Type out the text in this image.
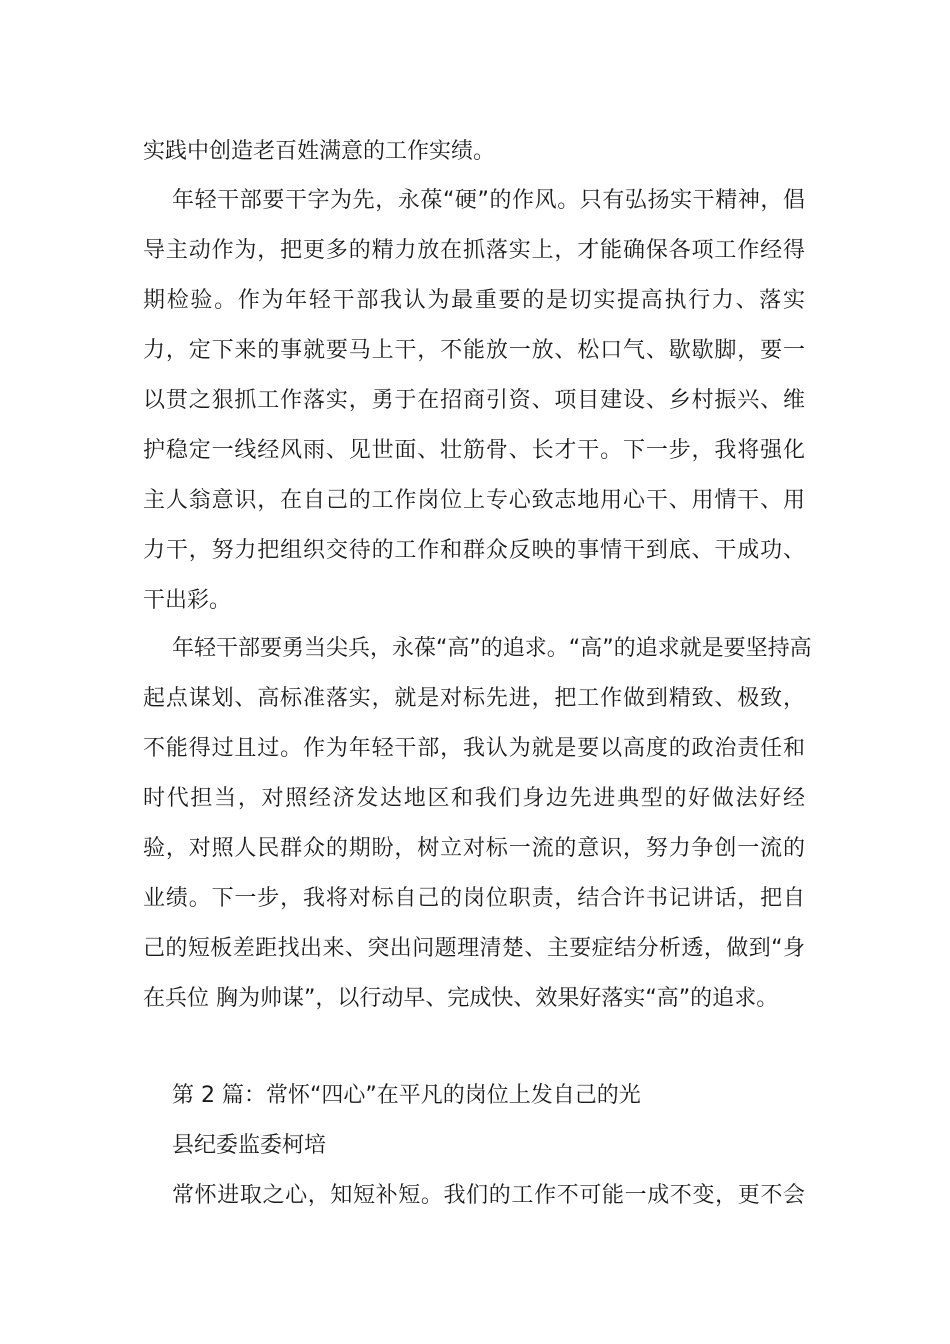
实践中创造老百姓满意的工作实绩。
年轻干部要干字为先，永葆“硬”的作风。只有弘扬实干精神，倡
导主动作为，把更多的精力放在抓落实上，才能确保各项工作经得
期检验。作为年轻干部我认为最重要的是切实提高执行力、落实
力，定下来的事就要马上干，不能放一放、松口气、歇歇脚，要一
以贯之狠抓工作落实，勇于在招商引资、项目建设、乡村振兴、维
护稳定一线经风雨、见世面、壮筋骨、长才干。下一步，我将强化
主人翁意识，在自己的工作岗位上专心致志地用心干、用情干、用
力干，努力把组织交待的工作和群众反映的事情干到底、干成功、
干出彩。
年轻干部要勇当尖兵，永葆“高”的追求。“高”的追求就是要坚持高
起点谋划、高标准落实，就是对标先进，把工作做到精致、极致，
不能得过且过。作为年轻干部，我认为就是要以高度的政治责任和
时代担当，对照经济发达地区和我们身边先进典型的好做法好经
验，对照人民群众的期盼，树立对标一流的意识，努力争创一流的
业绩。下一步，我将对标自己的岗位职责，结合许书记讲话，把自
己的短板差距找出来、突出问题理清楚、主要症结分析透，做到“身
在兵位 胸为帅谋”，以行动早、完成快、效果好落实“高”的追求。
第 2 篇：常怀“四心”在平凡的岗位上发自己的光
县纪委监委柯培
常怀进取之心，知短补短。我们的工作不可能一成不变，更不会
